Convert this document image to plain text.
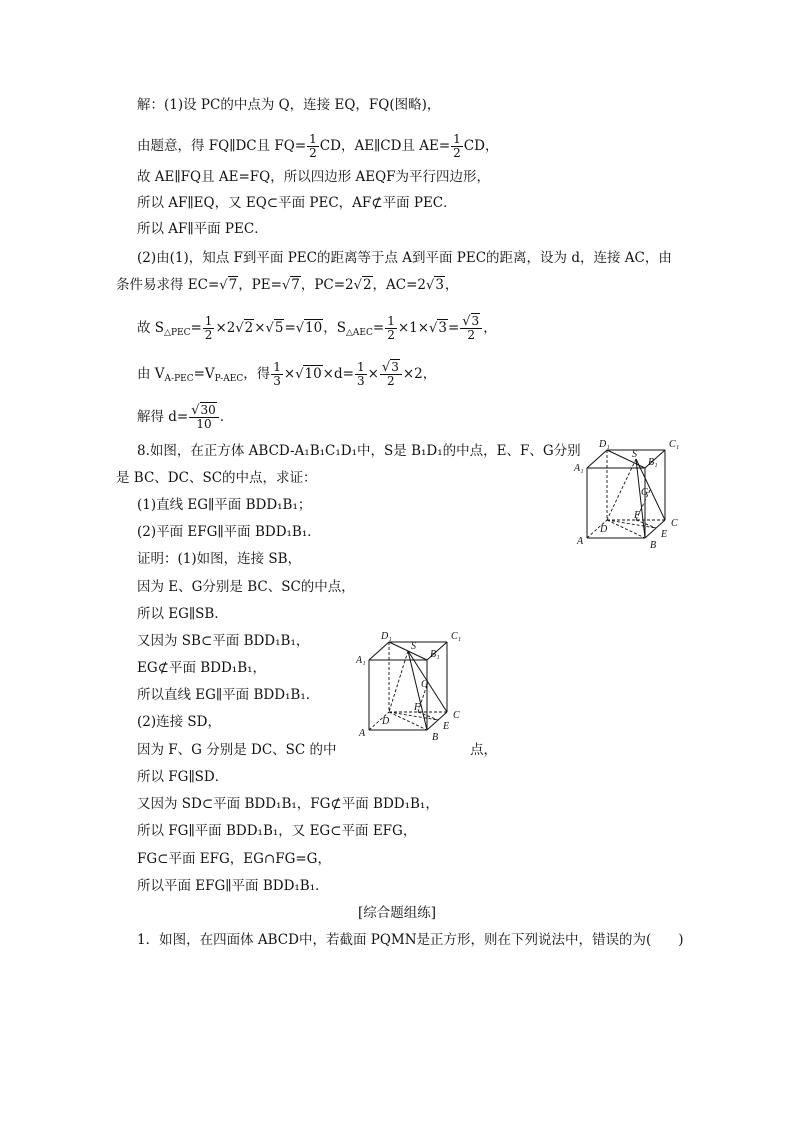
解：(1)设 PC的中点为 Q，连接 EQ，FQ(图略)，
由题意，得 FQ∥DC且 $FQ= \frac{1}{2}$ CD，AE∥CD且 $AE= \frac{1}{2}$ CD，
故 AE∥FQ且 AE=FQ，所以四边形 AEQF为平行四边形，
所以 AF∥EQ，又 EQ⊂平面 PEC，AF⊄平面 PEC．
所以 AF∥平面 PEC．
(2)由(1)，知点 F到平面 PEC的距离等于点 A到平面 PEC的距离，设为 d，连接 AC，由
条件易求得 EC=√7，PE=√7，PC=2√2，AC=2√3，
故 $S_{\triangle PEC}= \frac{1}{2} \times 2√2\times√5=√10$，$S_{\triangle AEC}= \frac{1}{2} \times 1\times√3= \frac{√3}{2}$ ，
由 $V_{A-PEC}=V_{P-AEC}$，得 $\frac{1}{3} \times√10\times d= \frac{1}{3} \times \frac{√3}{2} \times 2$，
解得 $d= \frac{√30}{10}$ ．
8.如图，在正方体 ABCD-A₁B₁C₁D₁中，S是 B₁D₁的中点，E、F、G分别
是 BC、DC、SC的中点，求证：
(1)直线 EG∥平面 BDD₁B₁；
(2)平面 EFG∥平面 BDD₁B₁．
证明：(1)如图，连接 SB，
因为 E、G分别是 BC、SC的中点，
所以 EG∥SB．
又因为 SB⊂平面 BDD₁B₁，
EG⊄平面 BDD₁B₁，
所以直线 EG∥平面 BDD₁B₁．
(2)连接 SD，
因为 F、G 分别是 DC、SC 的中	点，
所以 FG∥SD．
又因为 SD⊂平面 BDD₁B₁，FG⊄平面 BDD₁B₁，
所以 FG∥平面 BDD₁B₁，又 EG⊂平面 EFG，
FG⊂平面 EFG，EG∩FG=G，
所以平面 EFG∥平面 BDD₁B₁．
[综合题组练]
1．如图，在四面体 ABCD中，若截面 PQMN是正方形，则在下列说法中，错误的为(　　)
D₁	C₁
A₁
B₁
S
G
F
C
D	E
A	B
D₁	C₁
A₁
B₁
S
G
F
C
D	E
A	B
